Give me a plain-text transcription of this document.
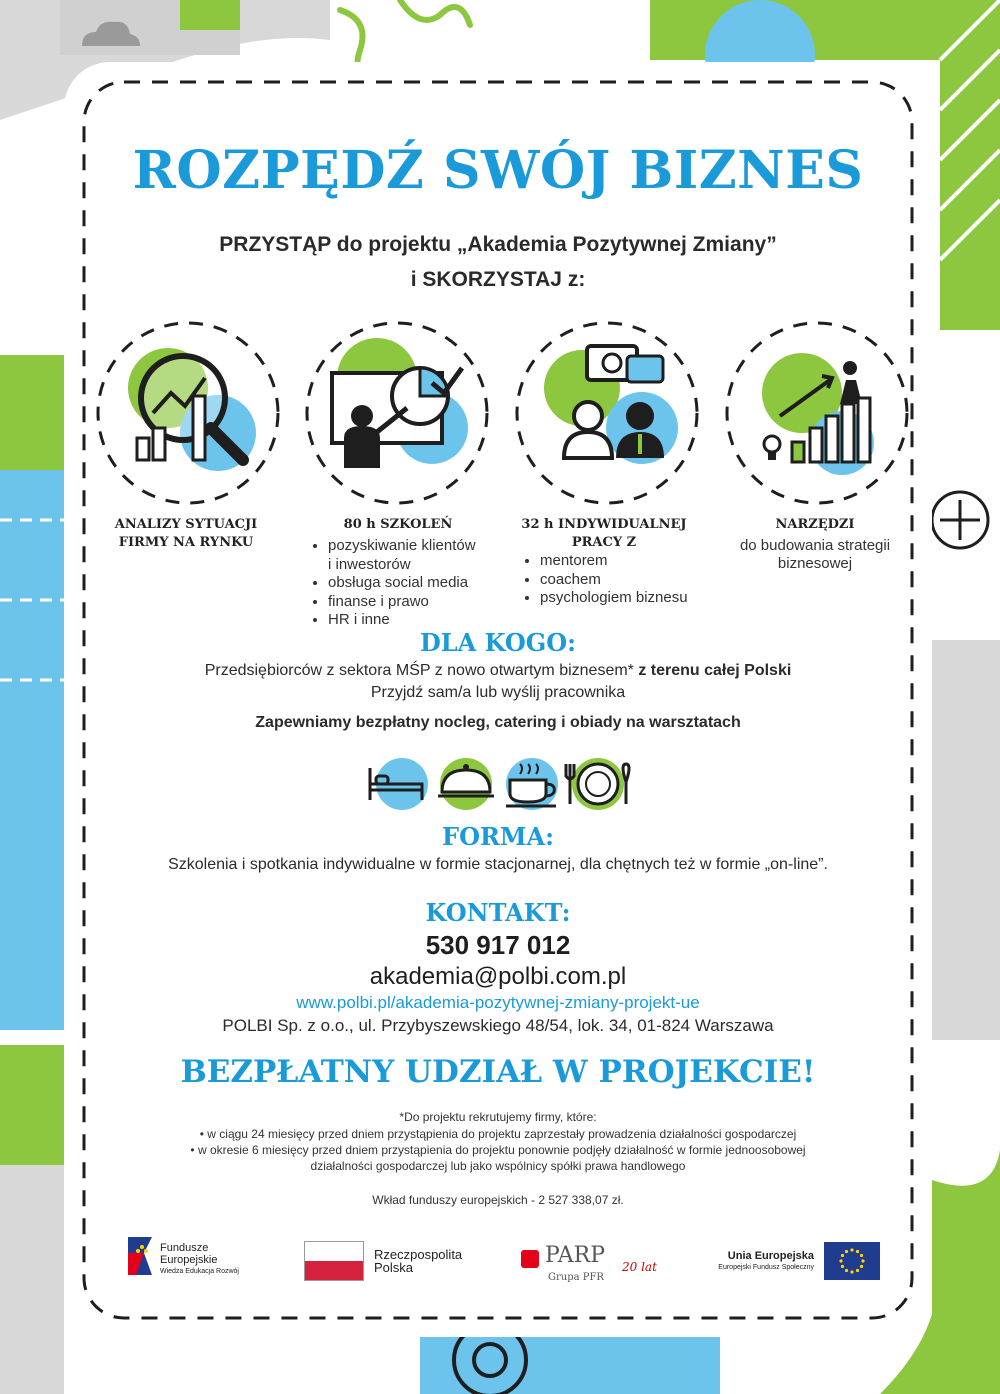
ROZPĘDŹ SWÓJ BIZNES

PRZYSTĄP do projektu „Akademia Pozytywnej Zmiany”

i SKORZYSTAJ z:

ANALIZY SYTUACJI
FIRMY NA RYNKU
80 h SZKOLEŃ
• pozyskiwanie klientów
i inwestorów
• obsługa social media
• finanse i prawo
• HR i inne
32 h INDYWIDUALNEJ
PRACY Z
• mentorem
• coachem
• psychologiem biznesu
NARZĘDZI
do budowania strategii
biznesowej

DLA KOGO:

Przedsiębiorców z sektora MŚP z nowo otwartym biznesem* z terenu całej Polski

Przyjdź sam/a lub wyślij pracownika

Zapewniamy bezpłatny nocleg, catering i obiady na warsztatach

FORMA:

Szkolenia i spotkania indywidualne w formie stacjonarnej, dla chętnych też w formie „on-line”.

KONTAKT:

530 917 012

akademia@polbi.com.pl

www.polbi.pl/akademia-pozytywnej-zmiany-projekt-ue

POLBI Sp. z o.o., ul. Przybyszewskiego 48/54, lok. 34, 01-824 Warszawa

BEZPŁATNY UDZIAŁ W PROJEKCIE!

*Do projektu rekrutujemy firmy, które:

• w ciągu 24 miesięcy przed dniem przystąpienia do projektu zaprzestały prowadzenia działalności gospodarczej

• w okresie 6 miesięcy przed dniem przystąpienia do projektu ponownie podjęły działalność w formie jednoosobowej

działalności gospodarczej lub jako wspólnicy spółki prawa handlowego

Wkład funduszy europejskich - 2 527 338,07 zł.

Fundusze
Europejskie
Wiedza Edukacja Rozwój
Rzeczpospolita
Polska	PARP 20 lat
Grupa PFR
Unia Europejska
Europejski Fundusz Społeczny
